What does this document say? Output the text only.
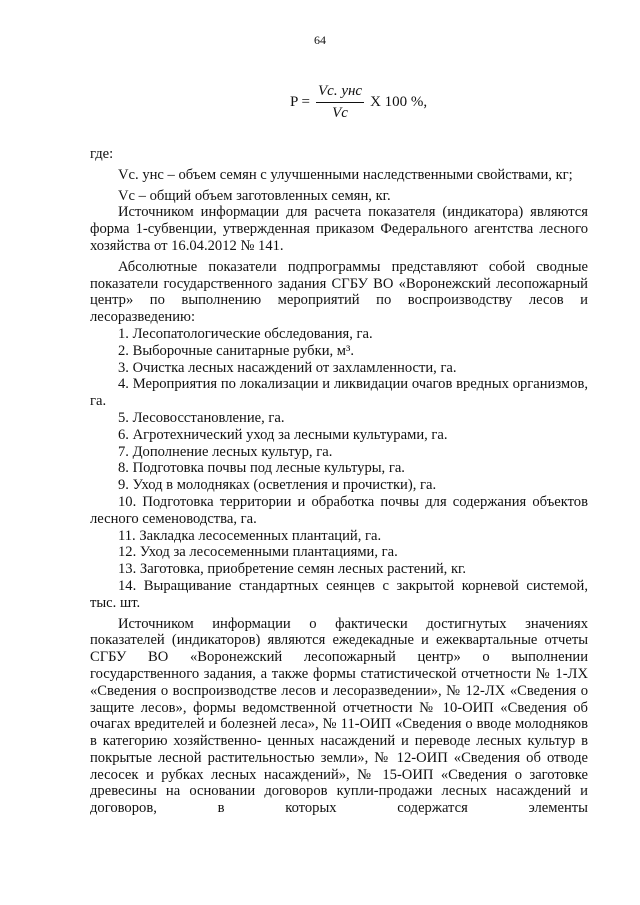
64
$P = \frac{\text{Vc. унс}}{Vc}$ X 100 %,

где:

Vc. унс – объем семян с улучшенными наследственными свойствами, кг;

Vc – общий объем заготовленных семян, кг.

Источником информации для расчета показателя (индикатора) являются форма 1-субвенции, утвержденная приказом Федерального агентства лесного хозяйства от 16.04.2012 № 141.

Абсолютные показатели подпрограммы представляют собой сводные показатели государственного задания СГБУ ВО «Воронежский лесопожарный центр» по выполнению мероприятий по воспроизводству лесов и лесоразведению:

1. Лесопатологические обследования, га.

2. Выборочные санитарные рубки, м³.

3. Очистка лесных насаждений от захламленности, га.

4. Мероприятия по локализации и ликвидации очагов вредных организмов, га.

5. Лесовосстановление, га.

6. Агротехнический уход за лесными культурами, га.

7. Дополнение лесных культур, га.

8. Подготовка почвы под лесные культуры, га.

9. Уход в молодняках (осветления и прочистки), га.

10. Подготовка территории и обработка почвы для содержания объектов лесного семеноводства, га.

11. Закладка лесосеменных плантаций, га.

12. Уход за лесосеменными плантациями, га.

13. Заготовка, приобретение семян лесных растений, кг.

14. Выращивание стандартных сеянцев с закрытой корневой системой, тыс. шт.

Источником информации о фактически достигнутых значениях показателей (индикаторов) являются ежедекадные и ежеквартальные отчеты СГБУ ВО «Воронежский лесопожарный центр» о выполнении государственного задания, а также формы статистической отчетности № 1-ЛХ «Сведения о воспроизводстве лесов и лесоразведении», № 12-ЛХ «Сведения о защите лесов», формы ведомственной отчетности № 10-ОИП «Сведения об очагах вредителей и болезней леса», № 11-ОИП «Сведения о вводе молодняков в категорию хозяйственно- ценных насаждений и переводе лесных культур в покрытые лесной растительностью земли», № 12-ОИП «Сведения об отводе лесосек и рубках лесных насаждений», № 15-ОИП «Сведения о заготовке древесины на основании договоров купли-продажи лесных насаждений и договоров, в которых содержатся элементы
